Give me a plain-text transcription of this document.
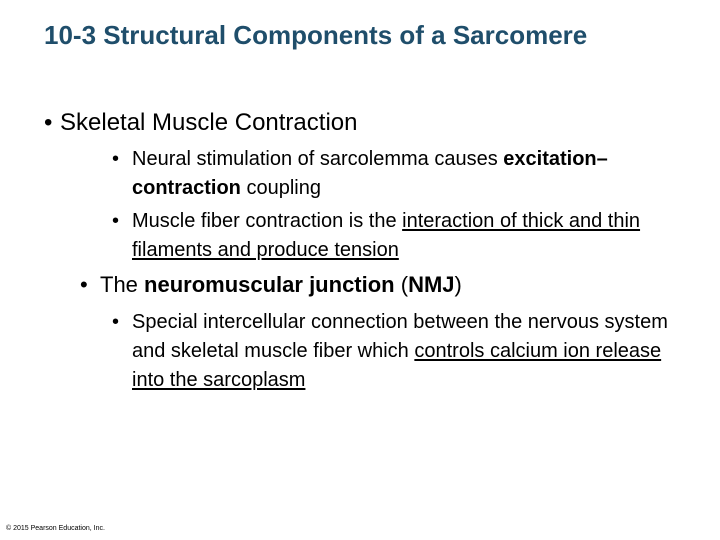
10-3 Structural Components of a Sarcomere
• Skeletal Muscle Contraction
• Neural stimulation of sarcolemma causes excitation–contraction coupling
• Muscle fiber contraction is the interaction of thick and thin filaments and produce tension
• The neuromuscular junction (NMJ)
• Special intercellular connection between the nervous system and skeletal muscle fiber which controls calcium ion release into the sarcoplasm
© 2015 Pearson Education, Inc.
